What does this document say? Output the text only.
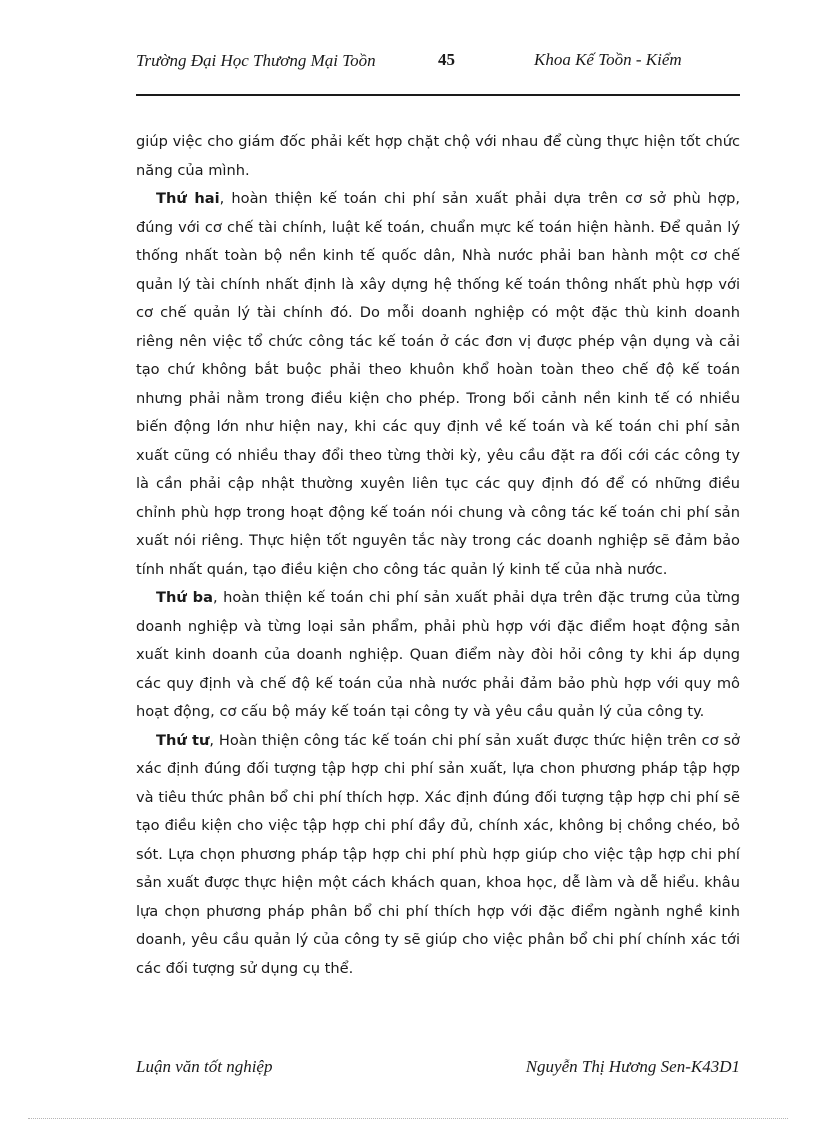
Trường Đại Học Thương Mại Toồn	45	Khoa Kế Toồn - Kiểm

giúp việc cho giám đốc phải kết hợp chặt chộ với nhau để cùng thực hiện tốt chức năng của mình.

Thứ hai, hoàn thiện kế toán chi phí sản xuất phải dựa trên cơ sở phù hợp, đúng với cơ chế tài chính, luật kế toán, chuẩn mực kế toán hiện hành. Để quản lý thống nhất toàn bộ nền kinh tế quốc dân, Nhà nước phải ban hành một cơ chế quản lý tài chính nhất định là xây dựng hệ thống kế toán thông nhất phù hợp với cơ chế quản lý tài chính đó. Do mỗi doanh nghiệp có một đặc thù kinh doanh riêng nên việc tổ chức công tác kế toán ở các đơn vị được phép vận dụng và cải tạo chứ không bắt buộc phải theo khuôn khổ hoàn toàn theo chế độ kế toán nhưng phải nằm trong điều kiện cho phép. Trong bối cảnh nền kinh tế có nhiều biến động lớn như hiện nay, khi các quy định về kế toán và kế toán chi phí sản xuất cũng có nhiều thay đổi theo từng thời kỳ, yêu cầu đặt ra đối cới các công ty là cần phải cập nhật thường xuyên liên tục các quy định đó để có những điều chỉnh phù hợp trong hoạt động kế toán nói chung và công tác kế toán chi phí sản xuất nói riêng. Thực hiện tốt nguyên tắc này trong các doanh nghiệp sẽ đảm bảo tính nhất quán, tạo điều kiện cho công tác quản lý kinh tế của nhà nước.

Thứ ba, hoàn thiện kế toán chi phí sản xuất phải dựa trên đặc trưng của từng doanh nghiệp và từng loại sản phẩm, phải phù hợp với đặc điểm hoạt động sản xuất kinh doanh của doanh nghiệp. Quan điểm này đòi hỏi công ty khi áp dụng các quy định và chế độ kế toán của nhà nước phải đảm bảo phù hợp với quy mô hoạt động, cơ cấu bộ máy kế toán tại công ty và yêu cầu quản lý của công ty.

Thứ tư, Hoàn thiện công tác kế toán chi phí sản xuất được thức hiện trên cơ sở xác định đúng đối tượng tập hợp chi phí sản xuất, lựa chon phương pháp tập hợp và tiêu thức phân bổ chi phí thích hợp. Xác định đúng đối tượng tập hợp chi phí sẽ tạo điều kiện cho việc tập hợp chi phí đầy đủ, chính xác, không bị chồng chéo, bỏ sót. Lựa chọn phương pháp tập hợp chi phí phù hợp giúp cho việc tập hợp chi phí sản xuất được thực hiện một cách khách quan, khoa học, dễ làm và dễ hiểu. khâu lựa chọn phương pháp phân bổ chi phí thích hợp với đặc điểm ngành nghề kinh doanh, yêu cầu quản lý của công ty sẽ giúp cho việc phân bổ chi phí chính xác tới các đối tượng sử dụng cụ thể.

Luận văn tốt nghiệp	Nguyễn Thị Hương Sen-K43D1
